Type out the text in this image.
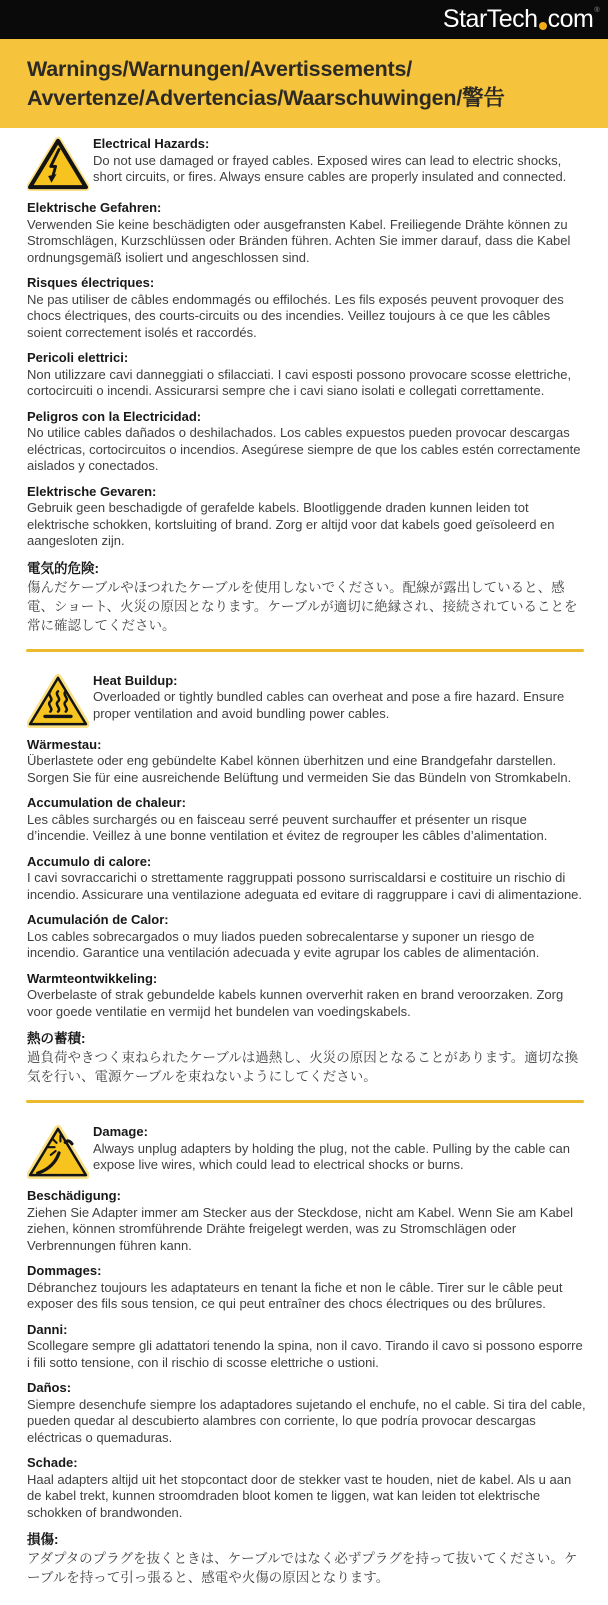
StarTech com ®
Warnings/Warnungen/Avertissements/
Avvertenze/Advertencias/Waarschuwingen/警告
Electrical Hazards:
Do not use damaged or frayed cables. Exposed wires can lead to electric shocks, short circuits, or fires. Always ensure cables are properly insulated and connected.
Elektrische Gefahren:
Verwenden Sie keine beschädigten oder ausgefransten Kabel. Freiliegende Drähte können zu Stromschlägen, Kurzschlüssen oder Bränden führen. Achten Sie immer darauf, dass die Kabel ordnungsgemäß isoliert und angeschlossen sind.
Risques électriques:
Ne pas utiliser de câbles endommagés ou effilochés. Les fils exposés peuvent provoquer des chocs électriques, des courts-circuits ou des incendies. Veillez toujours à ce que les câbles soient correctement isolés et raccordés.
Pericoli elettrici:
Non utilizzare cavi danneggiati o sfilacciati. I cavi esposti possono provocare scosse elettriche, cortocircuiti o incendi. Assicurarsi sempre che i cavi siano isolati e collegati correttamente.
Peligros con la Electricidad:
No utilice cables dañados o deshilachados. Los cables expuestos pueden provocar descargas eléctricas, cortocircuitos o incendios. Asegúrese siempre de que los cables estén correctamente aislados y conectados.
Elektrische Gevaren:
Gebruik geen beschadigde of gerafelde kabels. Blootliggende draden kunnen leiden tot elektrische schokken, kortsluiting of brand. Zorg er altijd voor dat kabels goed geïsoleerd en aangesloten zijn.
電気的危険:
傷んだケーブルやほつれたケーブルを使用しないでください。配線が露出していると、感電、ショート、火災の原因となります。ケーブルが適切に絶縁され、接続されていることを常に確認してください。
Heat Buildup:
Overloaded or tightly bundled cables can overheat and pose a fire hazard. Ensure proper ventilation and avoid bundling power cables.
Wärmestau:
Überlastete oder eng gebündelte Kabel können überhitzen und eine Brandgefahr darstellen. Sorgen Sie für eine ausreichende Belüftung und vermeiden Sie das Bündeln von Stromkabeln.
Accumulation de chaleur:
Les câbles surchargés ou en faisceau serré peuvent surchauffer et présenter un risque d’incendie. Veillez à une bonne ventilation et évitez de regrouper les câbles d’alimentation.
Accumulo di calore:
I cavi sovraccarichi o strettamente raggruppati possono surriscaldarsi e costituire un rischio di incendio. Assicurare una ventilazione adeguata ed evitare di raggruppare i cavi di alimentazione.
Acumulación de Calor:
Los cables sobrecargados o muy liados pueden sobrecalentarse y suponer un riesgo de incendio. Garantice una ventilación adecuada y evite agrupar los cables de alimentación.
Warmteontwikkeling:
Overbelaste of strak gebundelde kabels kunnen oververhit raken en brand veroorzaken. Zorg voor goede ventilatie en vermijd het bundelen van voedingskabels.
熱の蓄積:
過負荷やきつく束ねられたケーブルは過熱し、火災の原因となることがあります。適切な換気を行い、電源ケーブルを束ねないようにしてください。
Damage:
Always unplug adapters by holding the plug, not the cable. Pulling by the cable can expose live wires, which could lead to electrical shocks or burns.
Beschädigung:
Ziehen Sie Adapter immer am Stecker aus der Steckdose, nicht am Kabel. Wenn Sie am Kabel ziehen, können stromführende Drähte freigelegt werden, was zu Stromschlägen oder Verbrennungen führen kann.
Dommages:
Débranchez toujours les adaptateurs en tenant la fiche et non le câble. Tirer sur le câble peut exposer des fils sous tension, ce qui peut entraîner des chocs électriques ou des brûlures.
Danni:
Scollegare sempre gli adattatori tenendo la spina, non il cavo. Tirando il cavo si possono esporre i fili sotto tensione, con il rischio di scosse elettriche o ustioni.
Daños:
Siempre desenchufe siempre los adaptadores sujetando el enchufe, no el cable. Si tira del cable, pueden quedar al descubierto alambres con corriente, lo que podría provocar descargas eléctricas o quemaduras.
Schade:
Haal adapters altijd uit het stopcontact door de stekker vast te houden, niet de kabel. Als u aan de kabel trekt, kunnen stroomdraden bloot komen te liggen, wat kan leiden tot elektrische schokken of brandwonden.
損傷:
アダプタのプラグを抜くときは、ケーブルではなく必ずプラグを持って抜いてください。ケーブルを持って引っ張ると、感電や火傷の原因となります。
